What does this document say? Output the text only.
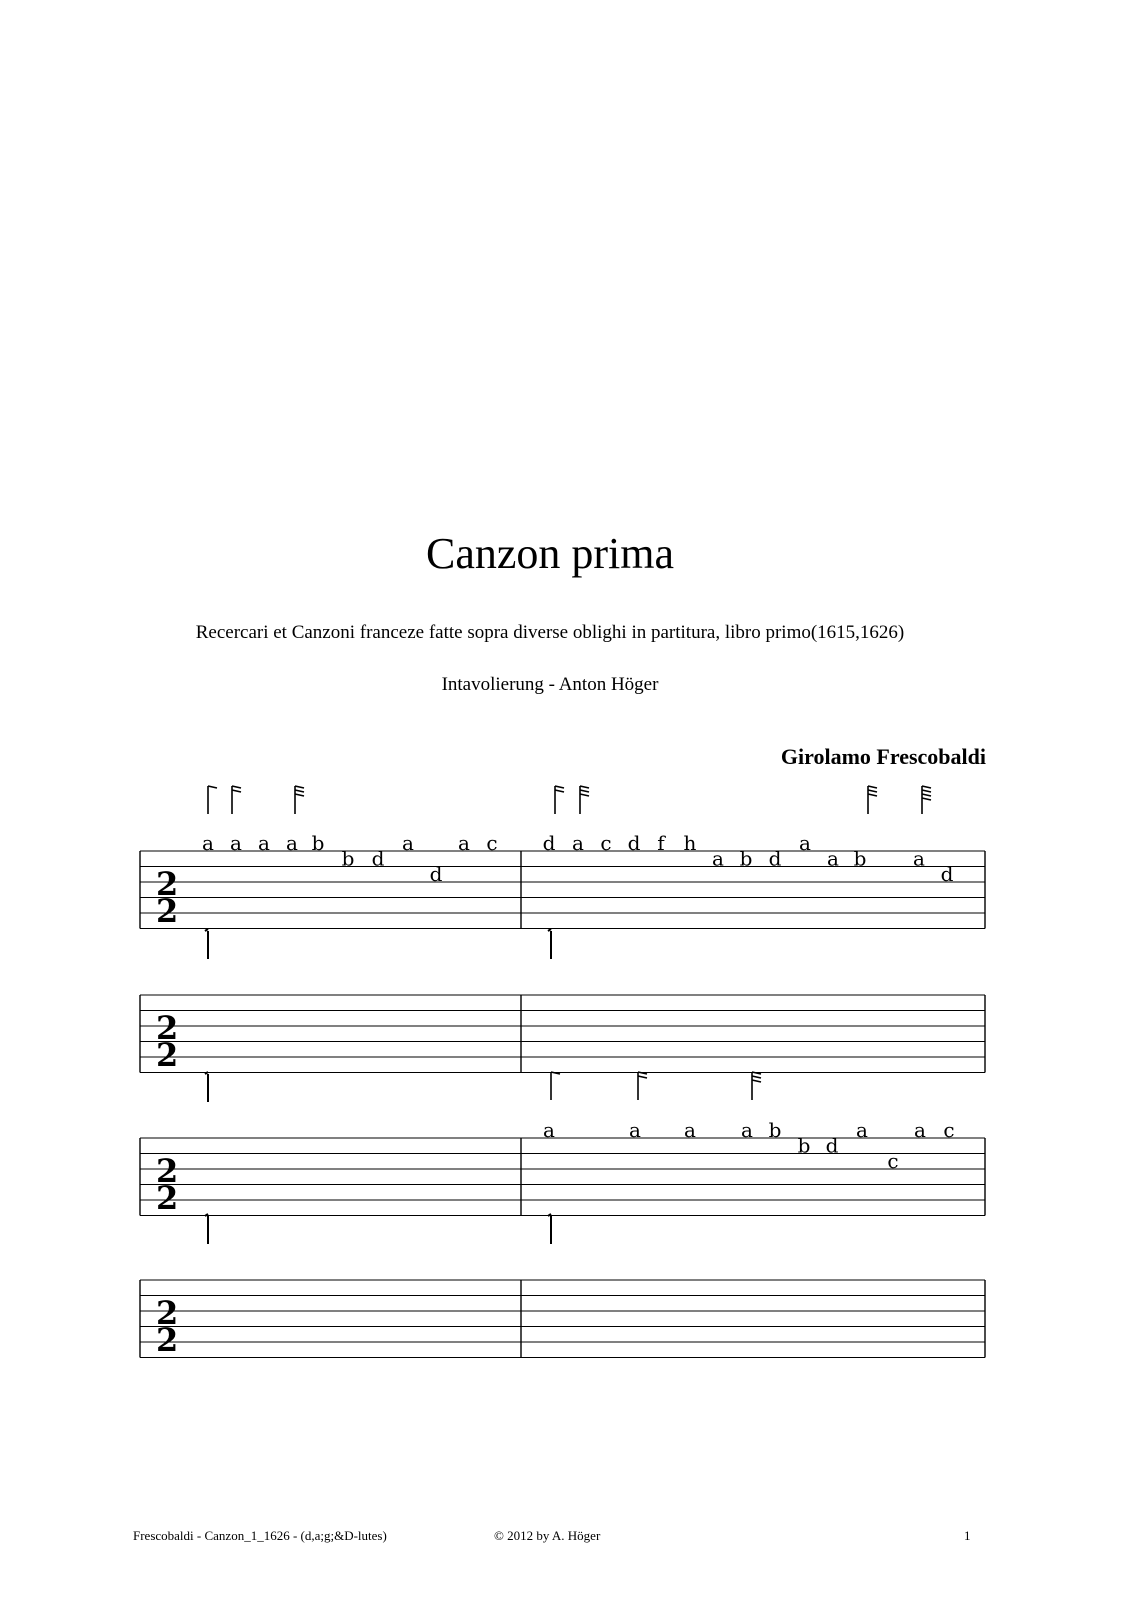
Canzon prima
Recercari et Canzoni franceze fatte sopra diverse oblighi in partitura, libro primo(1615,1626)
Intavolierung - Anton Höger
Girolamo Frescobaldi
2
2
a a a a b
b d
a
d
a c d a c d f h
a b d
a
a b a
d
2
2
2
2
a	a a a b
b d
a
c
a c
2
2
Frescobaldi - Canzon_1_1626 - (d,a;g;&D-lutes)	© 2012 by A. Höger	1
